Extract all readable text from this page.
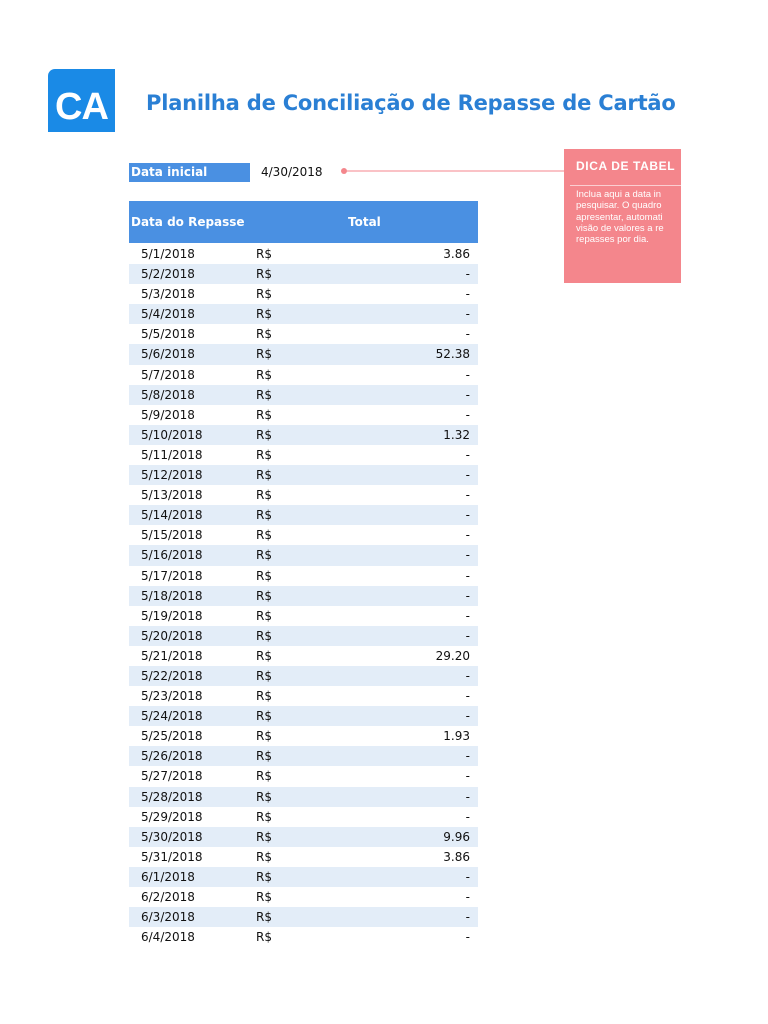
CA	Planilha de Conciliação de Repasse de Cartão
Data inicial	4/30/2018	DICA DE TABEL
Inclua aqui a data in
pesquisar. O quadro
apresentar, automati
visão de valores a re
repasses por dia.
Data do Repasse	Total
5/1/2018	R$	3.86
5/2/2018	R$	-
5/3/2018	R$	-
5/4/2018	R$	-
5/5/2018	R$	-
5/6/2018	R$	52.38
5/7/2018	R$	-
5/8/2018	R$	-
5/9/2018	R$	-
5/10/2018	R$	1.32
5/11/2018	R$	-
5/12/2018	R$	-
5/13/2018	R$	-
5/14/2018	R$	-
5/15/2018	R$	-
5/16/2018	R$	-
5/17/2018	R$	-
5/18/2018	R$	-
5/19/2018	R$	-
5/20/2018	R$	-
5/21/2018	R$	29.20
5/22/2018	R$	-
5/23/2018	R$	-
5/24/2018	R$	-
5/25/2018	R$	1.93
5/26/2018	R$	-
5/27/2018	R$	-
5/28/2018	R$	-
5/29/2018	R$	-
5/30/2018	R$	9.96
5/31/2018	R$	3.86
6/1/2018	R$	-
6/2/2018	R$	-
6/3/2018	R$	-
6/4/2018	R$	-
